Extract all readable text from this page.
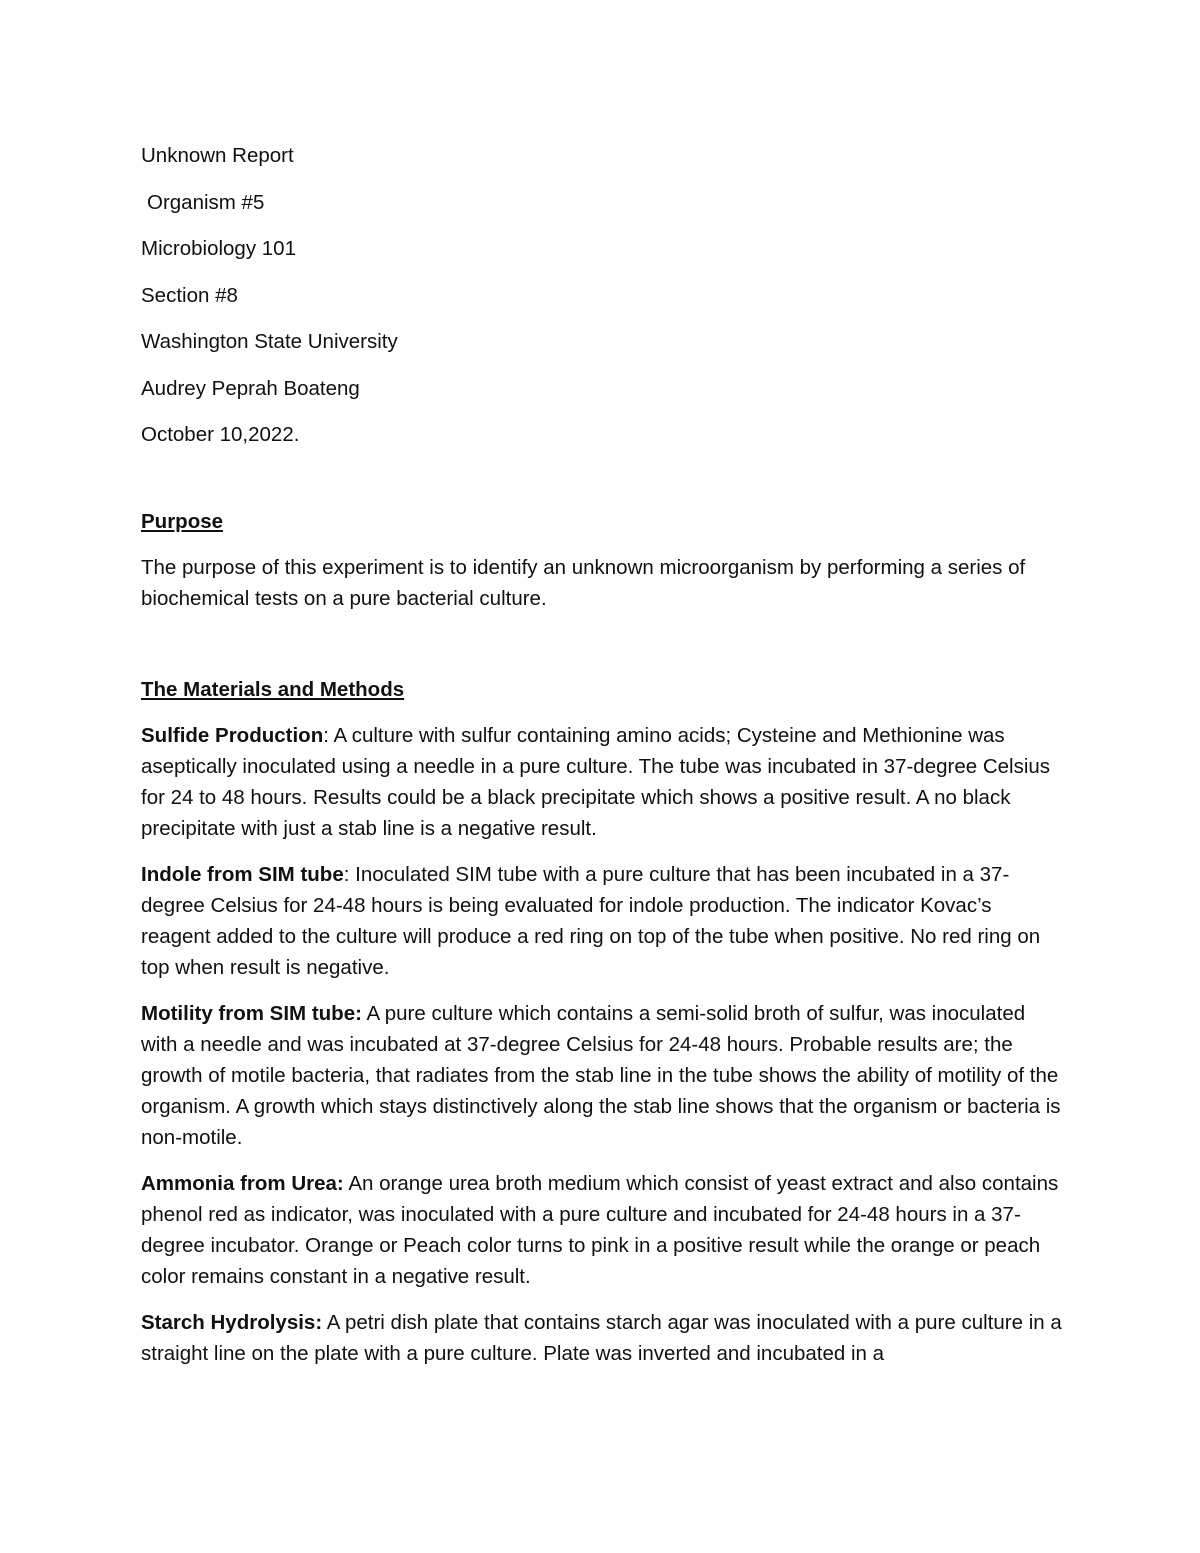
Unknown Report
Organism #5
Microbiology 101
Section #8
Washington State University
Audrey Peprah Boateng
October 10,2022.
Purpose
The purpose of this experiment is to identify an unknown microorganism by performing a series of biochemical tests on a pure bacterial culture.
The Materials and Methods
Sulfide Production: A culture with sulfur containing amino acids; Cysteine and Methionine was aseptically inoculated using a needle in a pure culture. The tube was incubated in 37-degree Celsius for 24 to 48 hours. Results could be a black precipitate which shows a positive result. A no black precipitate with just a stab line is a negative result.
Indole from SIM tube: Inoculated SIM tube with a pure culture that has been incubated in a 37-degree Celsius for 24-48 hours is being evaluated for indole production. The indicator Kovac’s reagent added to the culture will produce a red ring on top of the tube when positive. No red ring on top when result is negative.
Motility from SIM tube: A pure culture which contains a semi-solid broth of sulfur, was inoculated with a needle and was incubated at 37-degree Celsius for 24-48 hours. Probable results are; the growth of motile bacteria, that radiates from the stab line in the tube shows the ability of motility of the organism. A growth which stays distinctively along the stab line shows that the organism or bacteria is non-motile.
Ammonia from Urea: An orange urea broth medium which consist of yeast extract and also contains phenol red as indicator, was inoculated with a pure culture and incubated for 24-48 hours in a 37-degree incubator. Orange or Peach color turns to pink in a positive result while the orange or peach color remains constant in a negative result.
Starch Hydrolysis: A petri dish plate that contains starch agar was inoculated with a pure culture in a straight line on the plate with a pure culture. Plate was inverted and incubated in a
